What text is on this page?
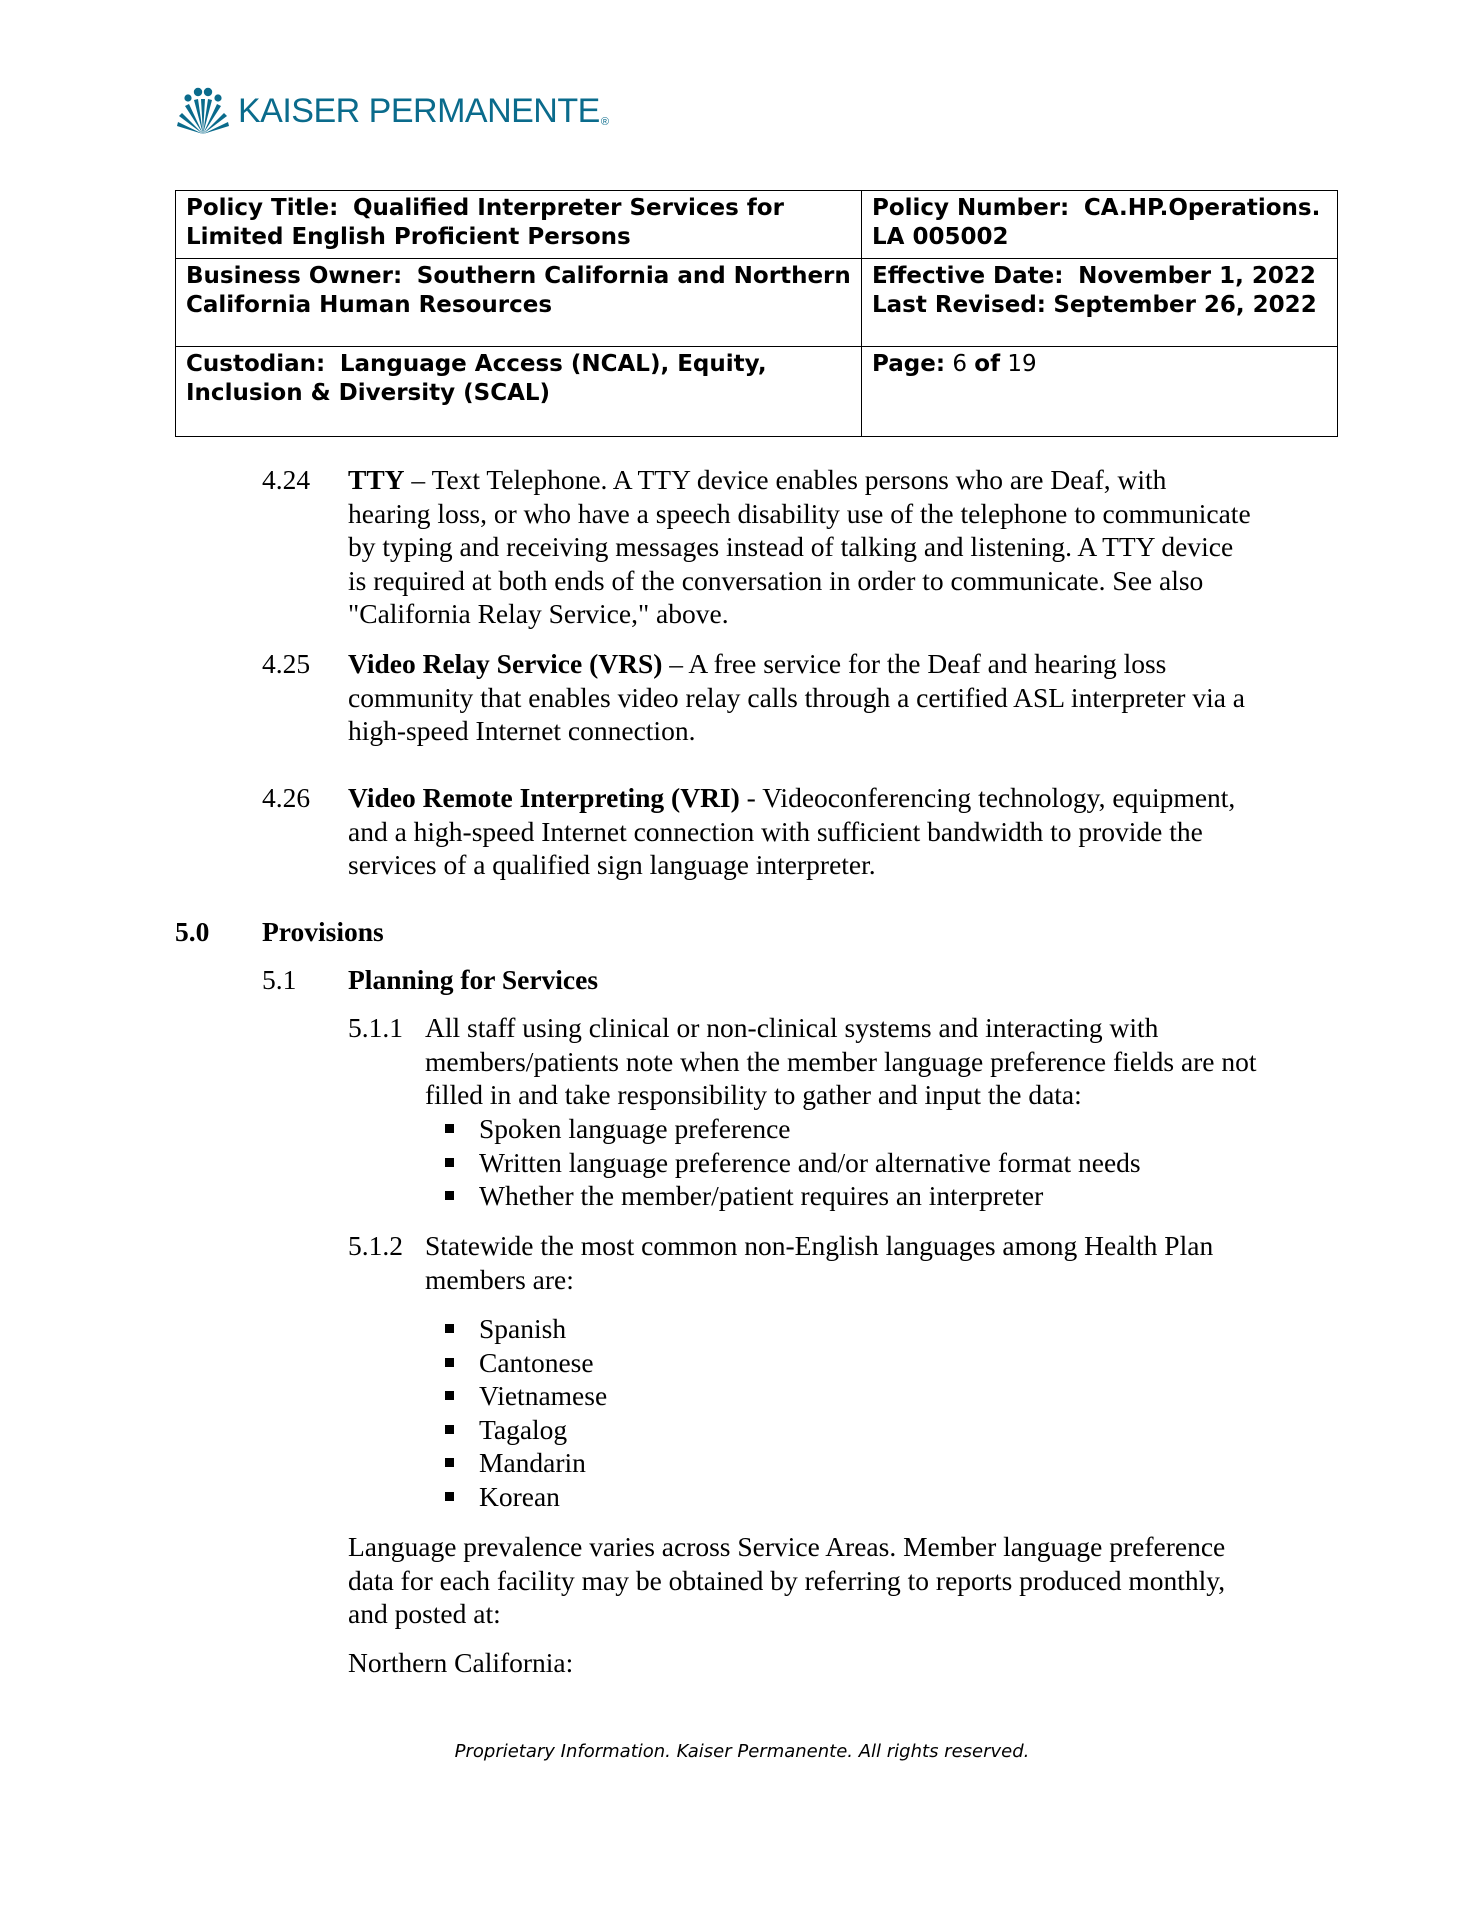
KAISER PERMANENTE®
Policy Title: Qualified Interpreter Services for Limited English Proficient Persons	Policy Number: CA.HP.Operations. LA 005002
Business Owner: Southern California and Northern California Human Resources	Effective Date: November 1, 2022
Last Revised: September 26, 2022
Custodian: Language Access (NCAL), Equity, Inclusion & Diversity (SCAL)	Page: 6 of 19
4.24 TTY – Text Telephone. A TTY device enables persons who are Deaf, with
hearing loss, or who have a speech disability use of the telephone to communicate
by typing and receiving messages instead of talking and listening. A TTY device
is required at both ends of the conversation in order to communicate. See also
"California Relay Service," above.
4.25 Video Relay Service (VRS) – A free service for the Deaf and hearing loss
community that enables video relay calls through a certified ASL interpreter via a
high-speed Internet connection.
4.26 Video Remote Interpreting (VRI) - Videoconferencing technology, equipment,
and a high-speed Internet connection with sufficient bandwidth to provide the
services of a qualified sign language interpreter.
5.0 Provisions
5.1 Planning for Services
5.1.1 All staff using clinical or non-clinical systems and interacting with
members/patients note when the member language preference fields are not
filled in and take responsibility to gather and input the data:
Spoken language preference
Written language preference and/or alternative format needs
Whether the member/patient requires an interpreter
5.1.2 Statewide the most common non-English languages among Health Plan
members are:
Spanish
Cantonese
Vietnamese
Tagalog
Mandarin
Korean
Language prevalence varies across Service Areas. Member language preference
data for each facility may be obtained by referring to reports produced monthly,
and posted at:
Northern California:
Proprietary Information. Kaiser Permanente. All rights reserved.
